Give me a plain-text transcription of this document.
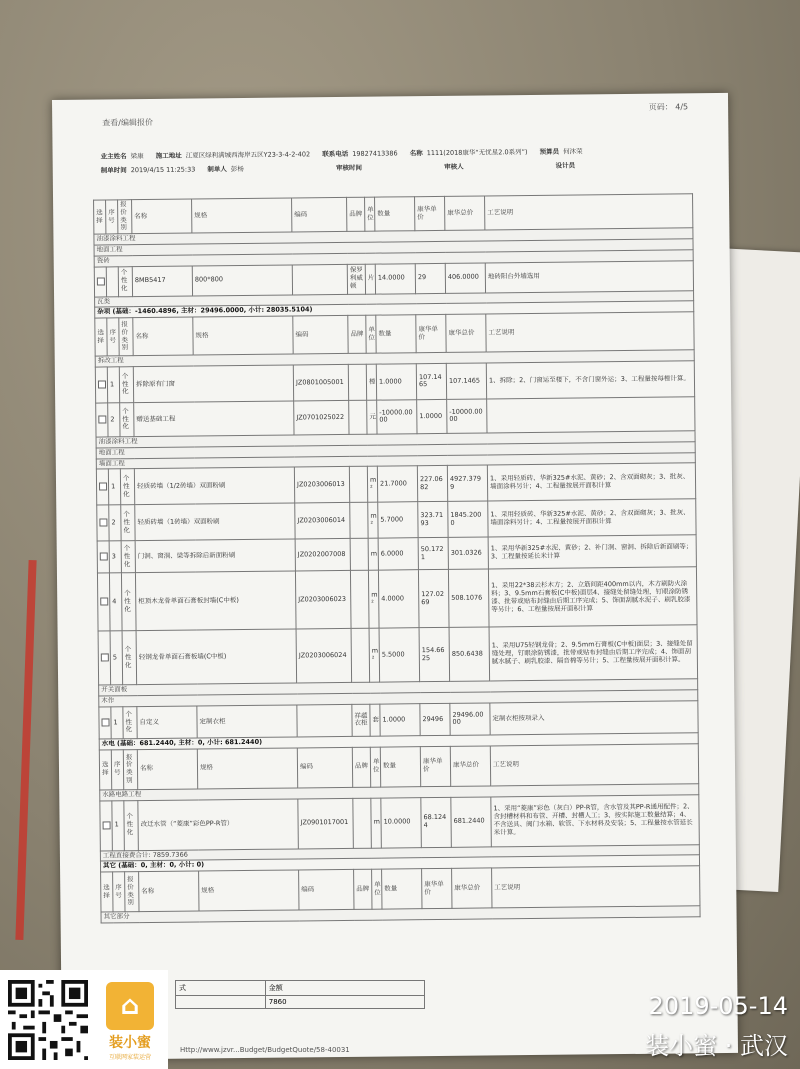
页码： 4/5
查看/编辑报价
业主姓名 梁康 施工地址 江夏区绿利满城西海岸五区Y23-3-4-2-402 联系电话 19827413386 名称 1111(2018康华“无忧星2.0系列”) 预算员 何沐荣
制单时间 2019/4/15 11:25:33 制单人 彭杨	审核时间	审核人	设计员
选择	序号	报价类别	名称	规格	编码	品牌	单位	数量	康华单价	康华总价	工艺说明
油漆涂料工程											
地面工程											
瓷砖											
		个性化	8MB5417	800*800		保罗利威顿	片	14.0000	29	406.0000	地砖阳台外墙选用
瓦类											
杂项 (基础：-1460.4896, 主材：29496.0000, 小计: 28035.5104)											
选择	序号	报价类别	名称	规格	编码	品牌	单位	数量	康华单价	康华总价	工艺说明
拆改工程											
	1	个性化	拆除原有门窗		JZ0801005001		樘	1.0000	107.1465	107.1465	1、拆除；2、门窗运至楼下，不含门窗外运；3、工程量按每樘计算。
	2	个性化	赠送基础工程		JZ0701025022		元	-10000.0000	1.0000	-10000.0000	
油漆涂料工程											
地面工程											
墙面工程											
	1	个性化	轻质砖墙（1/2砖墙）双面粉刷		JZ0203006013		m²	21.7000	227.0682	4927.3799	1、采用轻质砖、华新325#水泥、黄砂；2、含双面砌灰；3、批灰、墙面涂料另计；4、工程量按展开面积计算
	2	个性化	轻质砖墙（1砖墙）双面粉刷		JZ0203006014		m²	5.7000	323.7193	1845.2000	1、采用轻质砖、华新325#水泥、黄砂；2、含双面砌灰；3、批灰、墙面涂料另计；4、工程量按展开面积计算
	3	个性化	门洞、窗洞、梁等拆除后新面粉刷		JZ0202007008		m	6.0000	50.1721	301.0326	1、采用华新325#水泥、黄砂；2、补门洞、窗洞、拆除后新面刷等；3、工程量按延长米计算
	4	个性化	柜顶木龙骨单面石膏板封墙(C中板)		JZ0203006023		m²	4.0000	127.0269	508.1076	1、采用22*38云杉木方；2、立筋间距400mm以内，木方刷防火涂料；3、9.5mm石膏板(C中板)面层4、接缝处留缝处理，钉眼涂防锈漆、批带或贴布封缝由后期工序完成；5、饰面刮腻水泥子、刷乳胶漆等另计；6、工程量按展开面积计算
	5	个性化	轻钢龙骨单面石膏板墙(C中板)		JZ0203006024		m²	5.5000	154.6625	850.6438	1、采用U75轻钢龙骨；2、9.5mm石膏板(C中板)面层；3、接缝处留缝处理，钉眼涂防锈漆，批带或贴布封缝由后期工序完成；4、饰面刮腻水腻子、刷乳胶漆、隔音棉等另计；5、工程量按展开面积计算。
开关面板											
木作											
	1	个性化	自定义	定制衣柜		祥蕴衣柜	套	1.0000	29496	29496.0000	定制衣柜按项录入
水电 (基础：681.2440, 主材：0, 小计: 681.2440)											
选择	序号	报价类别	名称	规格	编码	品牌	单位	数量	康华单价	康华总价	工艺说明
水路电路工程											
	1	个性化	改迁水管（“菱康”彩色PP-R管）		JZ0901017001		m	10.0000	68.1244	681.2440	1、采用“菱康”彩色（灰白）PP-R管，含水管及其PP-R通用配件；2、含封槽材料和布管、开槽、封槽人工；3、按实际施工数量结算；4、不含送具、阀门水箱、软管、下水材料及安装；5、工程量按水管延长米计算。
工程直接费合计: 7859.7366											
其它 (基础：0, 主材：0, 小计: 0)											
选择	序号	报价类别	名称	规格	编码	品牌	单位	数量	康华单价	康华总价	工艺说明
其它部分											
式	金额
	7860
Http://www.jzvr...Budget/BudgetQuote/58-40031
⌂
装小蜜
互联网家装运营
2019-05-14
装小蜜 · 武汉
